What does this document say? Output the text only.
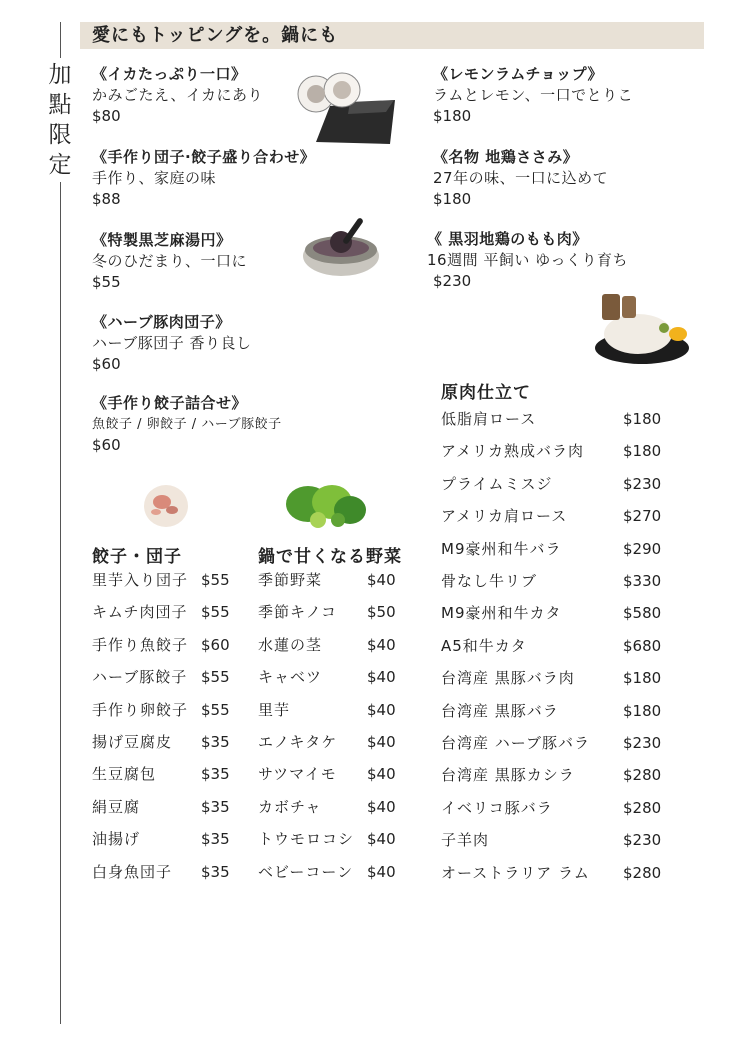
愛にもトッピングを。鍋にも
加點限定
《イカたっぷり一口》
かみごたえ、イカにあり
$80
《手作り団子·餃子盛り合わせ》
手作り、家庭の味
$88
《特製黒芝麻湯円》
冬のひだまり、一口に
$55
《ハーブ豚肉団子》
ハーブ豚団子 香り良し
$60
《手作り餃子詰合せ》
魚餃子 / 卵餃子 / ハーブ豚餃子
$60
《レモンラムチョップ》
ラムとレモン、一口でとりこ
$180
《名物 地鶏ささみ》
27年の味、一口に込めて
$180
《 黒羽地鶏のもも肉》
16週間 平飼い ゆっくり育ち
$230
餃子・団子	鍋で甘くなる野菜
原肉仕立て
里芋入り団子 $55
キムチ肉団子 $55
手作り魚餃子 $60
ハーブ豚餃子 $55
手作り卵餃子 $55
揚げ豆腐皮 $35
生豆腐包	$35
絹豆腐	$35
油揚げ	$35
白身魚団子 $35
季節野菜	$40
季節キノコ $50
水蓮の茎	$40
キャベツ	$40
里芋	$40
エノキタケ $40
サツマイモ $40
カボチャ	$40
トウモロコシ $40
ベビーコーン $40
低脂肩ロース	$180
アメリカ熟成バラ肉	$180
プライムミスジ	$230
アメリカ肩ロース	$270
M9豪州和牛バラ	$290
骨なし牛リブ	$330
M9豪州和牛カタ	$580
A5和牛カタ	$680
台湾産 黒豚バラ肉	$180
台湾産 黒豚バラ	$180
台湾産 ハーブ豚バラ $230
台湾産 黒豚カシラ	$280
イベリコ豚バラ	$280
子羊肉	$230
オーストラリア ラム $280
